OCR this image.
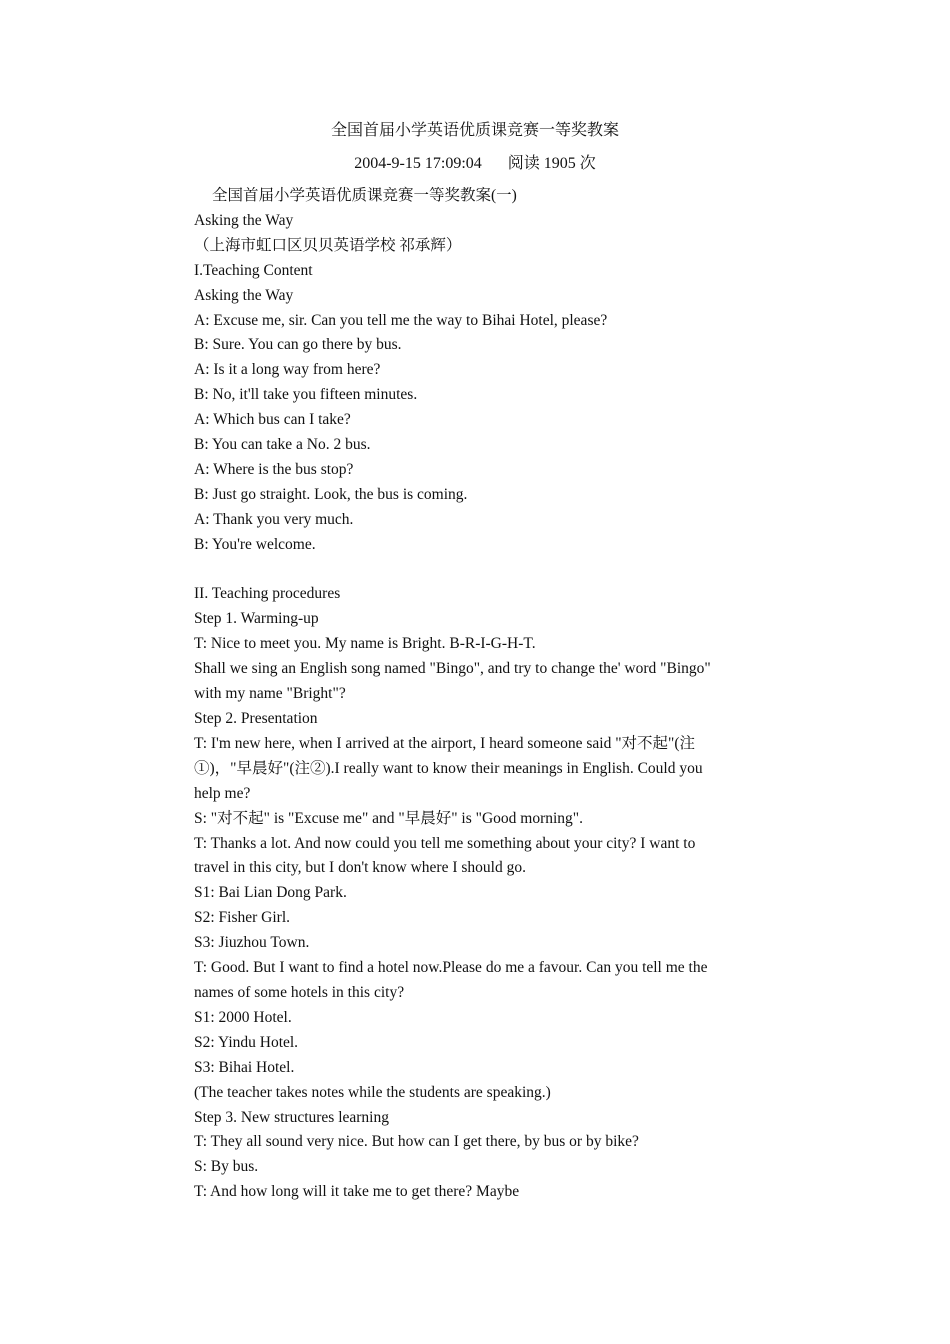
全国首届小学英语优质课竞赛一等奖教案
2004-9-15 17:09:04 阅读 1905 次
全国首届小学英语优质课竞赛一等奖教案(一)
Asking the Way
（上海市虹口区贝贝英语学校 祁承辉）
I.Teaching Content
Asking the Way
A: Excuse me, sir. Can you tell me the way to Bihai Hotel, please?
B: Sure. You can go there by bus.
A: Is it a long way from here?
B: No, it'll take you fifteen minutes.
A: Which bus can I take?
B: You can take a No. 2 bus.
A: Where is the bus stop?
B: Just go straight. Look, the bus is coming.
A: Thank you very much.
B: You're welcome.
II. Teaching procedures
Step 1. Warming-up
T: Nice to meet you. My name is Bright. B-R-I-G-H-T.
Shall we sing an English song named "Bingo", and try to change the' word "Bingo"
with my name "Bright"?
Step 2. Presentation
T: I'm new here, when I arrived at the airport, I heard someone said "对不起"(注
①)，"早晨好"(注②).I really want to know their meanings in English. Could you
help me?
S: "对不起" is "Excuse me" and "早晨好" is "Good morning".
T: Thanks a lot. And now could you tell me something about your city? I want to
travel in this city, but I don't know where I should go.
S1: Bai Lian Dong Park.
S2: Fisher Girl.
S3: Jiuzhou Town.
T: Good. But I want to find a hotel now.Please do me a favour. Can you tell me the
names of some hotels in this city?
S1: 2000 Hotel.
S2: Yindu Hotel.
S3: Bihai Hotel.
(The teacher takes notes while the students are speaking.)
Step 3. New structures learning
T: They all sound very nice. But how can I get there, by bus or by bike?
S: By bus.
T: And how long will it take me to get there? Maybe
